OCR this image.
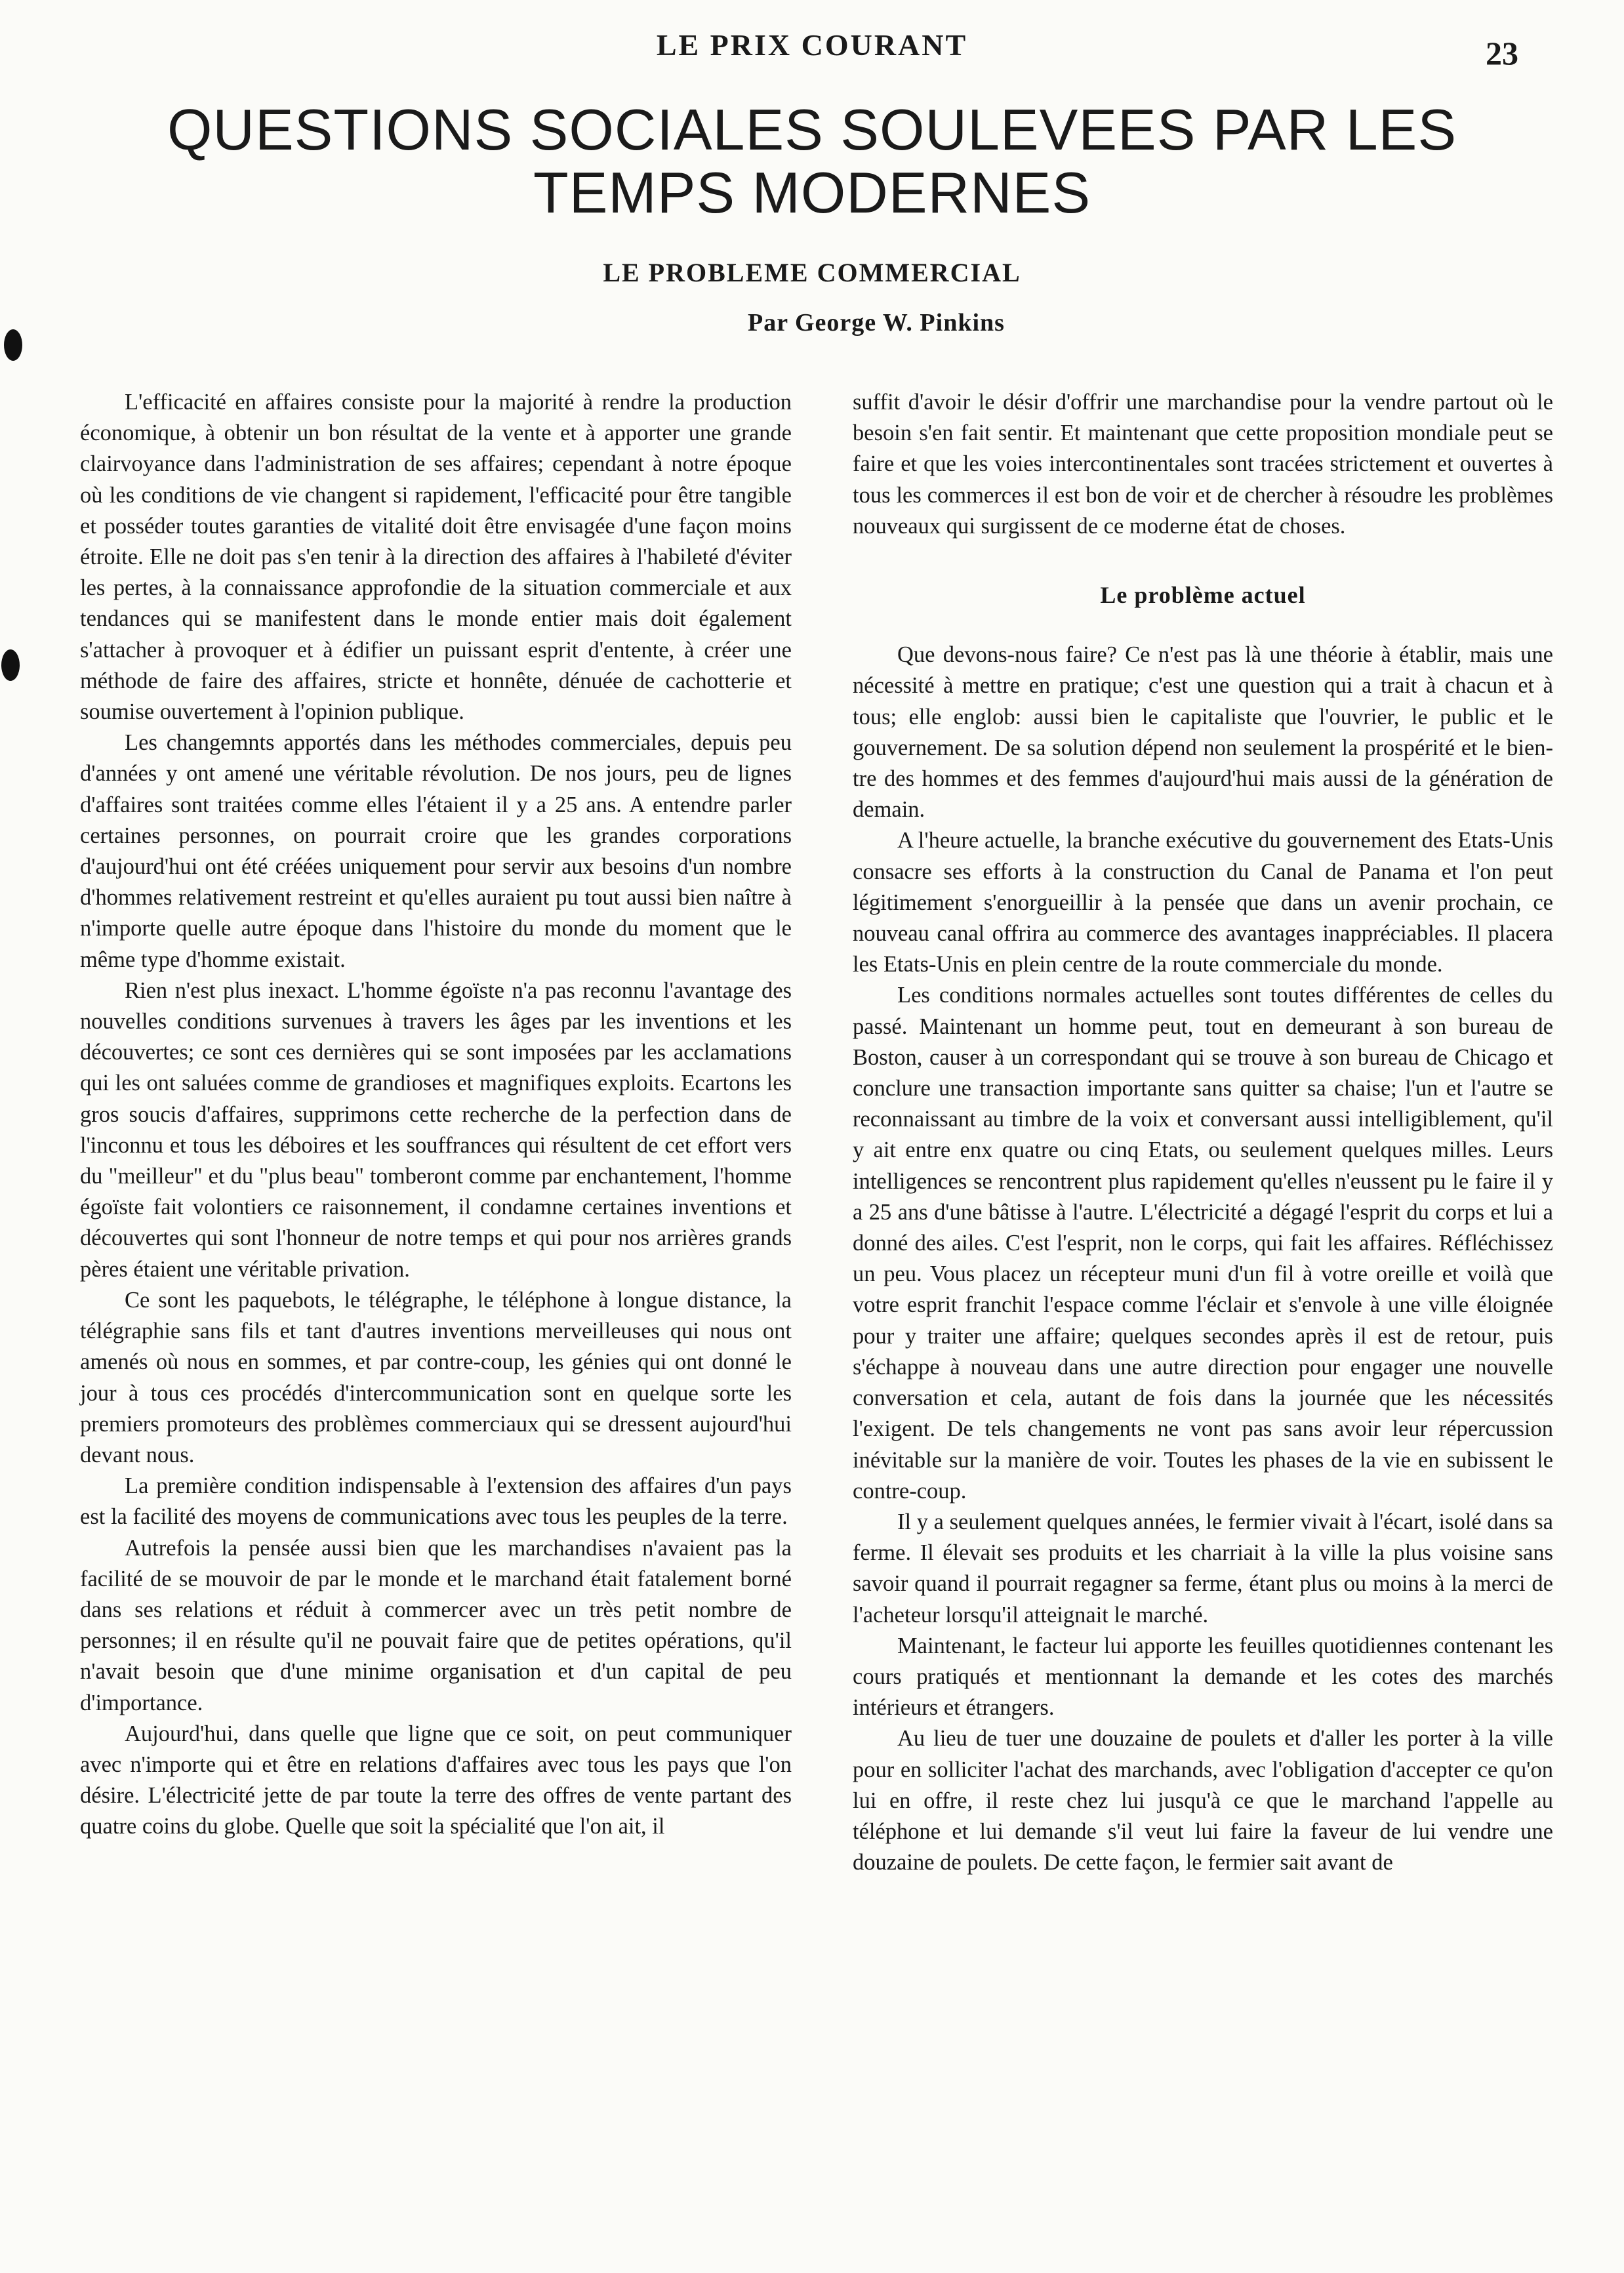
LE PRIX COURANT	23
QUESTIONS SOCIALES SOULEVEES PAR LES
TEMPS MODERNES
LE PROBLEME COMMERCIAL
Par George W. Pinkins

L'efficacité en affaires consiste pour la majorité à rendre la production économique, à obtenir un bon résultat de la vente et à apporter une grande clairvoyance dans l'administration de ses affaires; cependant à notre époque où les conditions de vie changent si rapidement, l'efficacité pour être tangible et posséder toutes garanties de vitalité doit être envisagée d'une façon moins étroite. Elle ne doit pas s'en tenir à la direction des affaires à l'habileté d'éviter les pertes, à la connaissance approfondie de la situation commerciale et aux tendances qui se manifestent dans le monde entier mais doit également s'attacher à provoquer et à édifier un puissant esprit d'entente, à créer une méthode de faire des affaires, stricte et honnête, dénuée de cachotterie et soumise ouvertement à l'opinion publique.

Les changemnts apportés dans les méthodes commerciales, depuis peu d'années y ont amené une véritable révolution. De nos jours, peu de lignes d'affaires sont traitées comme elles l'étaient il y a 25 ans. A entendre parler certaines personnes, on pourrait croire que les grandes corporations d'aujourd'hui ont été créées uniquement pour servir aux besoins d'un nombre d'hommes relativement restreint et qu'elles auraient pu tout aussi bien naître à n'importe quelle autre époque dans l'histoire du monde du moment que le même type d'homme existait.

Rien n'est plus inexact. L'homme égoïste n'a pas reconnu l'avantage des nouvelles conditions survenues à travers les âges par les inventions et les découvertes; ce sont ces dernières qui se sont imposées par les acclamations qui les ont saluées comme de grandioses et magnifiques exploits. Ecartons les gros soucis d'affaires, supprimons cette recherche de la perfection dans de l'inconnu et tous les déboires et les souffrances qui résultent de cet effort vers du "meilleur" et du "plus beau" tomberont comme par enchantement, l'homme égoïste fait volontiers ce raisonnement, il condamne certaines inventions et découvertes qui sont l'honneur de notre temps et qui pour nos arrières grands pères étaient une véritable privation.

Ce sont les paquebots, le télégraphe, le téléphone à longue distance, la télégraphie sans fils et tant d'autres inventions merveilleuses qui nous ont amenés où nous en sommes, et par contre-coup, les génies qui ont donné le jour à tous ces procédés d'intercommunication sont en quelque sorte les premiers promoteurs des problèmes commerciaux qui se dressent aujourd'hui devant nous.

La première condition indispensable à l'extension des affaires d'un pays est la facilité des moyens de communications avec tous les peuples de la terre.

Autrefois la pensée aussi bien que les marchandises n'avaient pas la facilité de se mouvoir de par le monde et le marchand était fatalement borné dans ses relations et réduit à commercer avec un très petit nombre de personnes; il en résulte qu'il ne pouvait faire que de petites opérations, qu'il n'avait besoin que d'une minime organisation et d'un capital de peu d'importance.

Aujourd'hui, dans quelle que ligne que ce soit, on peut communiquer avec n'importe qui et être en relations d'affaires avec tous les pays que l'on désire. L'électricité jette de par toute la terre des offres de vente partant des quatre coins du globe. Quelle que soit la spécialité que l'on ait, il

suffit d'avoir le désir d'offrir une marchandise pour la vendre partout où le besoin s'en fait sentir. Et maintenant que cette proposition mondiale peut se faire et que les voies intercontinentales sont tracées strictement et ouvertes à tous les commerces il est bon de voir et de chercher à résoudre les problèmes nouveaux qui surgissent de ce moderne état de choses.

Le problème actuel

Que devons-nous faire? Ce n'est pas là une théorie à établir, mais une nécessité à mettre en pratique; c'est une question qui a trait à chacun et à tous; elle englob: aussi bien le capitaliste que l'ouvrier, le public et le gouvernement. De sa solution dépend non seulement la prospérité et le bien-tre des hommes et des femmes d'aujourd'hui mais aussi de la génération de demain.

A l'heure actuelle, la branche exécutive du gouvernement des Etats-Unis consacre ses efforts à la construction du Canal de Panama et l'on peut légitimement s'enorgueillir à la pensée que dans un avenir prochain, ce nouveau canal offrira au commerce des avantages inappréciables. Il placera les Etats-Unis en plein centre de la route commerciale du monde.

Les conditions normales actuelles sont toutes différentes de celles du passé. Maintenant un homme peut, tout en demeurant à son bureau de Boston, causer à un correspondant qui se trouve à son bureau de Chicago et conclure une transaction importante sans quitter sa chaise; l'un et l'autre se reconnaissant au timbre de la voix et conversant aussi intelligiblement, qu'il y ait entre enx quatre ou cinq Etats, ou seulement quelques milles. Leurs intelligences se rencontrent plus rapidement qu'elles n'eussent pu le faire il y a 25 ans d'une bâtisse à l'autre. L'électricité a dégagé l'esprit du corps et lui a donné des ailes. C'est l'esprit, non le corps, qui fait les affaires. Réfléchissez un peu. Vous placez un récepteur muni d'un fil à votre oreille et voilà que votre esprit franchit l'espace comme l'éclair et s'envole à une ville éloignée pour y traiter une affaire; quelques secondes après il est de retour, puis s'échappe à nouveau dans une autre direction pour engager une nouvelle conversation et cela, autant de fois dans la journée que les nécessités l'exigent. De tels changements ne vont pas sans avoir leur répercussion inévitable sur la manière de voir. Toutes les phases de la vie en subissent le contre-coup.

Il y a seulement quelques années, le fermier vivait à l'écart, isolé dans sa ferme. Il élevait ses produits et les charriait à la ville la plus voisine sans savoir quand il pourrait regagner sa ferme, étant plus ou moins à la merci de l'acheteur lorsqu'il atteignait le marché.

Maintenant, le facteur lui apporte les feuilles quotidiennes contenant les cours pratiqués et mentionnant la demande et les cotes des marchés intérieurs et étrangers.

Au lieu de tuer une douzaine de poulets et d'aller les porter à la ville pour en solliciter l'achat des marchands, avec l'obligation d'accepter ce qu'on lui en offre, il reste chez lui jusqu'à ce que le marchand l'appelle au téléphone et lui demande s'il veut lui faire la faveur de lui vendre une douzaine de poulets. De cette façon, le fermier sait avant de
